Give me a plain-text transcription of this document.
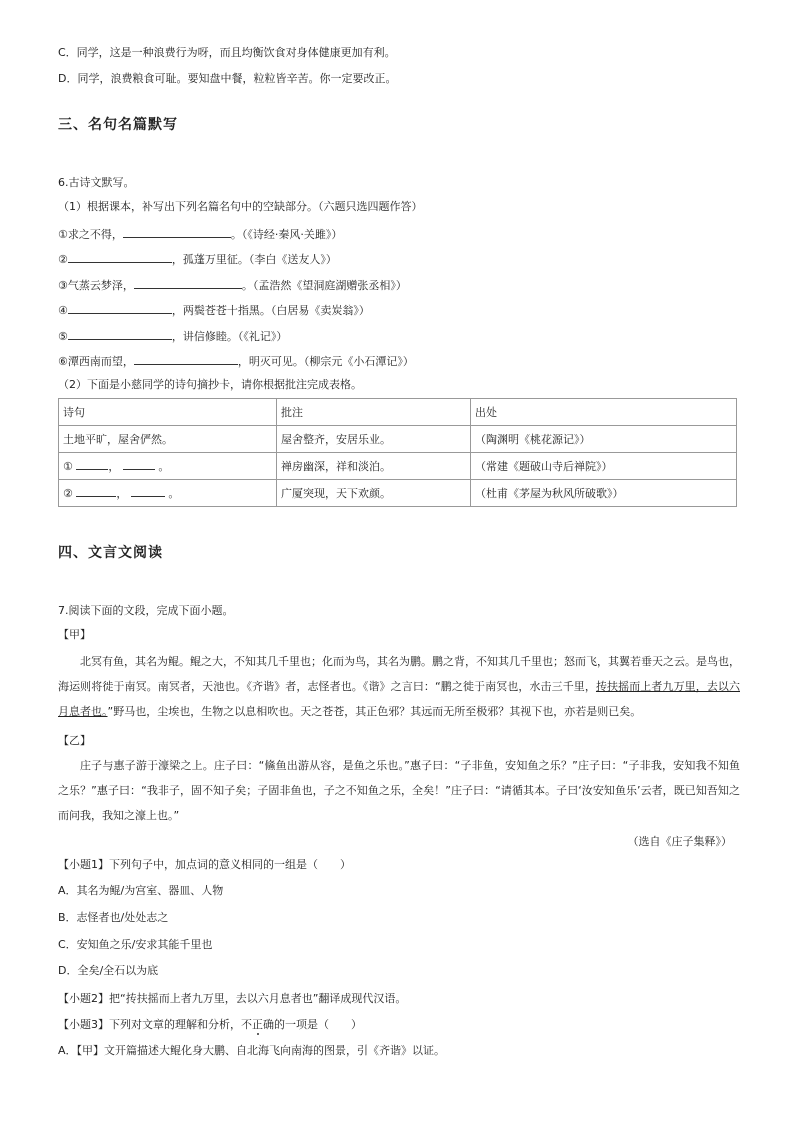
C．同学，这是一种浪费行为呀，而且均衡饮食对身体健康更加有利。
D．同学，浪费粮食可耻。要知盘中餐，粒粒皆辛苦。你一定要改正。
三、名句名篇默写
6.古诗文默写。
（1）根据课本，补写出下列名篇名句中的空缺部分。（六题只选四题作答）
①求之不得，	。（《诗经·秦风·关雎》）
②	，孤蓬万里征。（李白《送友人》）
③气蒸云梦泽，	。（孟浩然《望洞庭湖赠张丞相》）
④	，两鬓苍苍十指黑。（白居易《卖炭翁》）
⑤	，讲信修睦。（《礼记》）
⑥潭西南而望，	，明灭可见。（柳宗元《小石潭记》）
（2）下面是小慈同学的诗句摘抄卡，请你根据批注完成表格。
诗句	批注	出处
土地平旷，屋舍俨然。	屋舍整齐，安居乐业。	（陶渊明《桃花源记》）
① ， 。	禅房幽深，祥和淡泊。	（常建《题破山寺后禅院》）
② ， 。	广厦突现，天下欢颜。	（杜甫《茅屋为秋风所破歌》）
四、文言文阅读
7.阅读下面的文段，完成下面小题。
【甲】
北冥有鱼，其名为鲲。鲲之大，不知其几千里也；化而为鸟，其名为鹏。鹏之背，不知其几千里也；怒而飞，其翼若垂天之云。是鸟也，海运则将徙于南冥。南冥者，天池也。《齐谐》者，志怪者也。《谐》之言曰：“鹏之徙于南冥也，水击三千里，抟扶摇而上者九万里，去以六月息者也。”野马也，尘埃也，生物之以息相吹也。天之苍苍，其正色邪？其远而无所至极邪？其视下也，亦若是则已矣。
【乙】
庄子与惠子游于濠梁之上。庄子曰：“鯈鱼出游从容，是鱼之乐也。”惠子曰：“子非鱼，安知鱼之乐？”庄子曰：“子非我，安知我不知鱼之乐？”惠子曰：“我非子，固不知子矣；子固非鱼也，子之不知鱼之乐，全矣！”庄子曰：“请循其本。子曰‘汝安知鱼乐’云者，既已知吾知之而问我，我知之濠上也。”
（选自《庄子集释》）
【小题1】下列句子中，加点词的意义相同的一组是（　　）
A．其名为鲲/为宫室、器皿、人物
B．志怪者也/处处志之
C．安知鱼之乐/安求其能千里也
D．全矣/全石以为底
【小题2】把“抟扶摇而上者九万里，去以六月息者也”翻译成现代汉语。
【小题3】下列对文章的理解和分析，不正确的一项是（　　）
A．【甲】文开篇描述大鲲化身大鹏、自北海飞向南海的图景，引《齐谐》以证。
